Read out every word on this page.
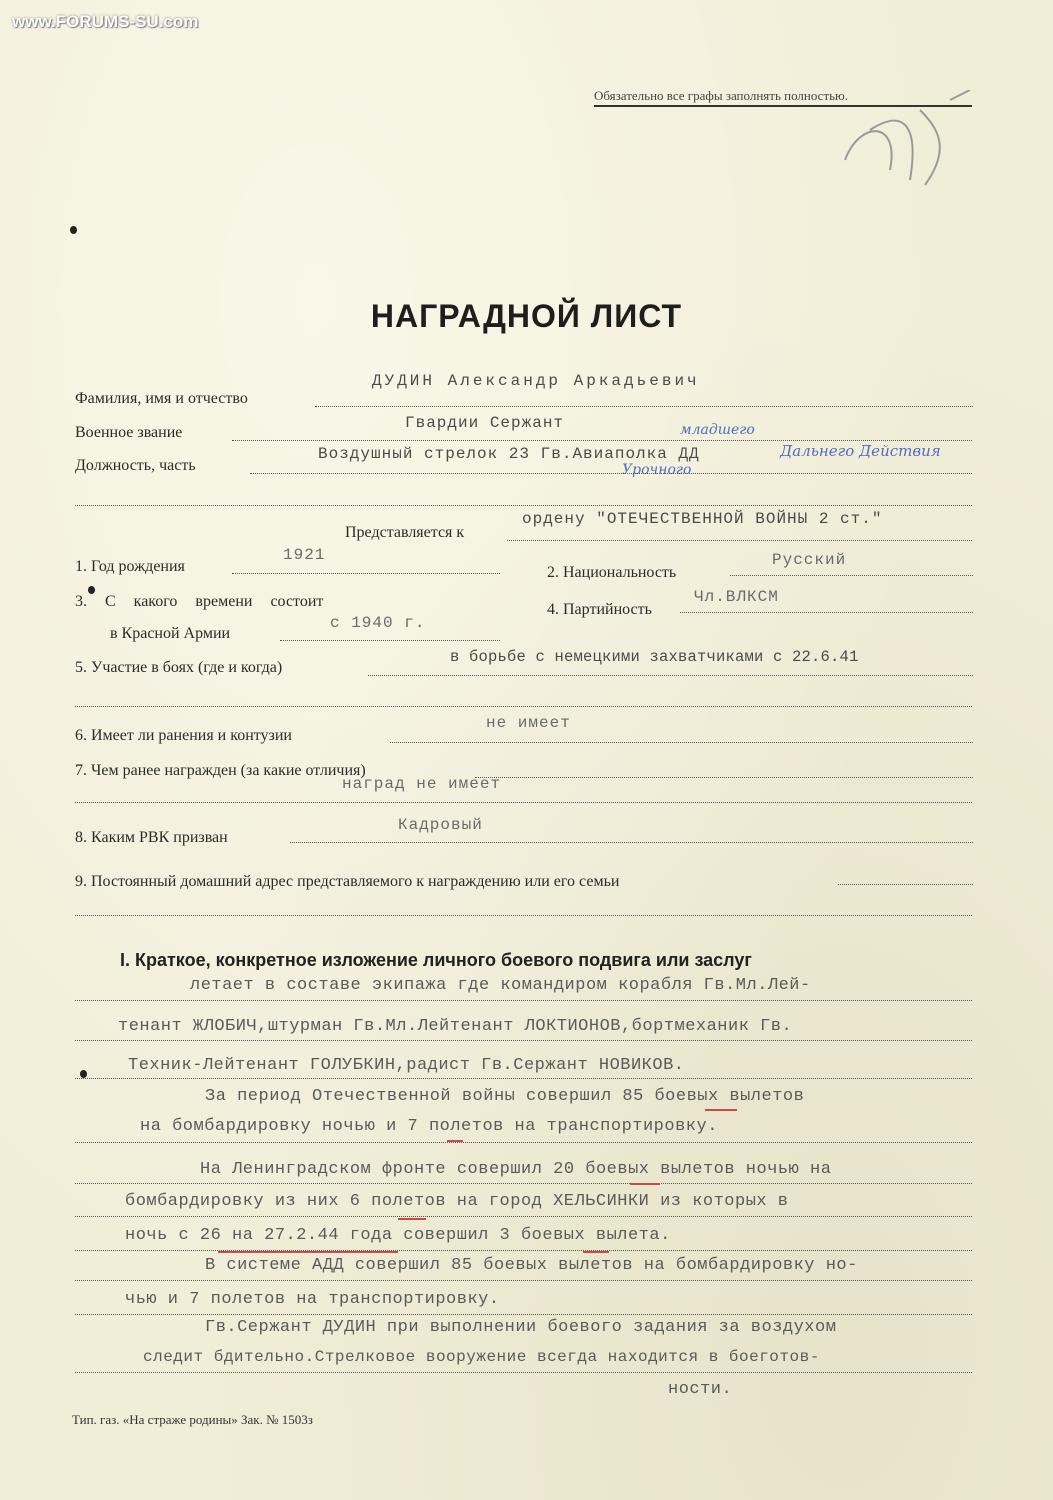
www.FORUMS-SU.com
Обязательно все графы заполнять полностью.
НАГРАДНОЙ ЛИСТ
Фамилия, имя и отчество
ДУДИН Александр Аркадьевич
Военное звание
Гвардии Сержант
Должность, часть
Воздушный стрелок 23 Гв.Авиаполка ДД
младшего
Дальнего Действия
Урочного
Представляется к
ордену "ОТЕЧЕСТВЕННОЙ ВОЙНЫ 2 ст."
1. Год рождения
1921
2. Национальность
Русский
3. С какого времени состоит
в Красной Армии
с 1940 г.
4. Партийность
Чл.ВЛКСМ
5. Участие в боях (где и когда)
в борьбе с немецкими захватчиками с 22.6.41
6. Имеет ли ранения и контузии
не имеет
7. Чем ранее награжден (за какие отличия)
наград не имеет
8. Каким РВК призван
Кадровый
9. Постоянный домашний адрес представляемого к награждению или его семьи
I. Краткое, конкретное изложение личного боевого подвига или заслуг
летает в составе экипажа где командиром корабля Гв.Мл.Лей-
тенант ЖЛОБИЧ,штурман Гв.Мл.Лейтенант ЛОКТИОНОВ,бортмеханик Гв.
Техник-Лейтенант ГОЛУБКИН,радист Гв.Сержант НОВИКОВ.
За период Отечественной войны совершил 85 боевых вылетов
на бомбардировку ночью и 7 полетов на транспортировку.
На Ленинградском фронте совершил 20 боевых вылетов ночью на
бомбардировку из них 6 полетов на город ХЕЛЬСИНКИ из которых в
ночь с 26 на 27.2.44 года совершил 3 боевых вылета.
В системе АДД совершил 85 боевых вылетов на бомбардировку но-
чью и 7 полетов на транспортировку.
Гв.Сержант ДУДИН при выполнении боевого задания за воздухом
следит бдительно.Стрелковое вооружение всегда находится в боеготов-
ности.
Тип. газ. «На страже родины» Зак. № 1503з
